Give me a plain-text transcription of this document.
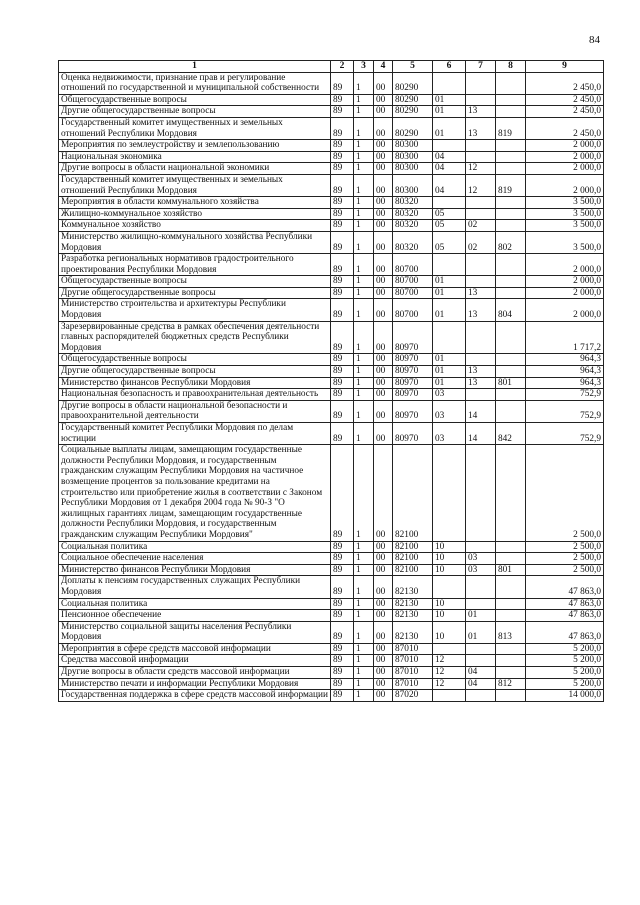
84
1	2	3	4	5	6	7	8	9
Оценка недвижимости, признание прав и регулирование отношений по государственной и муниципальной собственности	89	1	00	80290				2 450,0
Общегосударственные вопросы	89	1	00	80290	01			2 450,0
Другие общегосударственные вопросы	89	1	00	80290	01	13		2 450,0
Государственный комитет имущественных и земельных отношений Республики Мордовия	89	1	00	80290	01	13	819	2 450,0
Мероприятия по землеустройству и землепользованию	89	1	00	80300				2 000,0
Национальная экономика	89	1	00	80300	04			2 000,0
Другие вопросы в области национальной экономики	89	1	00	80300	04	12		2 000,0
Государственный комитет имущественных и земельных отношений Республики Мордовия	89	1	00	80300	04	12	819	2 000,0
Мероприятия в области коммунального хозяйства	89	1	00	80320				3 500,0
Жилищно-коммунальное хозяйство	89	1	00	80320	05			3 500,0
Коммунальное хозяйство	89	1	00	80320	05	02		3 500,0
Министерство жилищно-коммунального хозяйства Республики Мордовия	89	1	00	80320	05	02	802	3 500,0
Разработка региональных нормативов градостроительного проектирования Республики Мордовия	89	1	00	80700				2 000,0
Общегосударственные вопросы	89	1	00	80700	01			2 000,0
Другие общегосударственные вопросы	89	1	00	80700	01	13		2 000,0
Министерство строительства и архитектуры Республики Мордовия	89	1	00	80700	01	13	804	2 000,0
Зарезервированные средства в рамках обеспечения деятельности главных распорядителей бюджетных средств Республики Мордовия	89	1	00	80970				1 717,2
Общегосударственные вопросы	89	1	00	80970	01			964,3
Другие общегосударственные вопросы	89	1	00	80970	01	13		964,3
Министерство финансов Республики Мордовия	89	1	00	80970	01	13	801	964,3
Национальная безопасность и правоохранительная деятельность	89	1	00	80970	03			752,9
Другие вопросы в области национальной безопасности и правоохранительной деятельности	89	1	00	80970	03	14		752,9
Государственный комитет Республики Мордовия по делам юстиции	89	1	00	80970	03	14	842	752,9
Социальные выплаты лицам, замещающим государственные должности Республики Мордовия, и государственным гражданским служащим Республики Мордовия на частичное возмещение процентов за пользование кредитами на строительство или приобретение жилья в соответствии с Законом Республики Мордовия от 1 декабря 2004 года № 90-З "О жилищных гарантиях лицам, замещающим государственные должности Республики Мордовия, и государственным гражданским служащим Республики Мордовия"	89	1	00	82100				2 500,0
Социальная политика	89	1	00	82100	10			2 500,0
Социальное обеспечение населения	89	1	00	82100	10	03		2 500,0
Министерство финансов Республики Мордовия	89	1	00	82100	10	03	801	2 500,0
Доплаты к пенсиям государственных служащих Республики Мордовия	89	1	00	82130				47 863,0
Социальная политика	89	1	00	82130	10			47 863,0
Пенсионное обеспечение	89	1	00	82130	10	01		47 863,0
Министерство социальной защиты населения Республики Мордовия	89	1	00	82130	10	01	813	47 863,0
Мероприятия в сфере средств массовой информации	89	1	00	87010				5 200,0
Средства массовой информации	89	1	00	87010	12			5 200,0
Другие вопросы в области средств массовой информации	89	1	00	87010	12	04		5 200,0
Министерство печати и информации Республики Мордовия	89	1	00	87010	12	04	812	5 200,0
Государственная поддержка в сфере средств массовой информации	89	1	00	87020				14 000,0
